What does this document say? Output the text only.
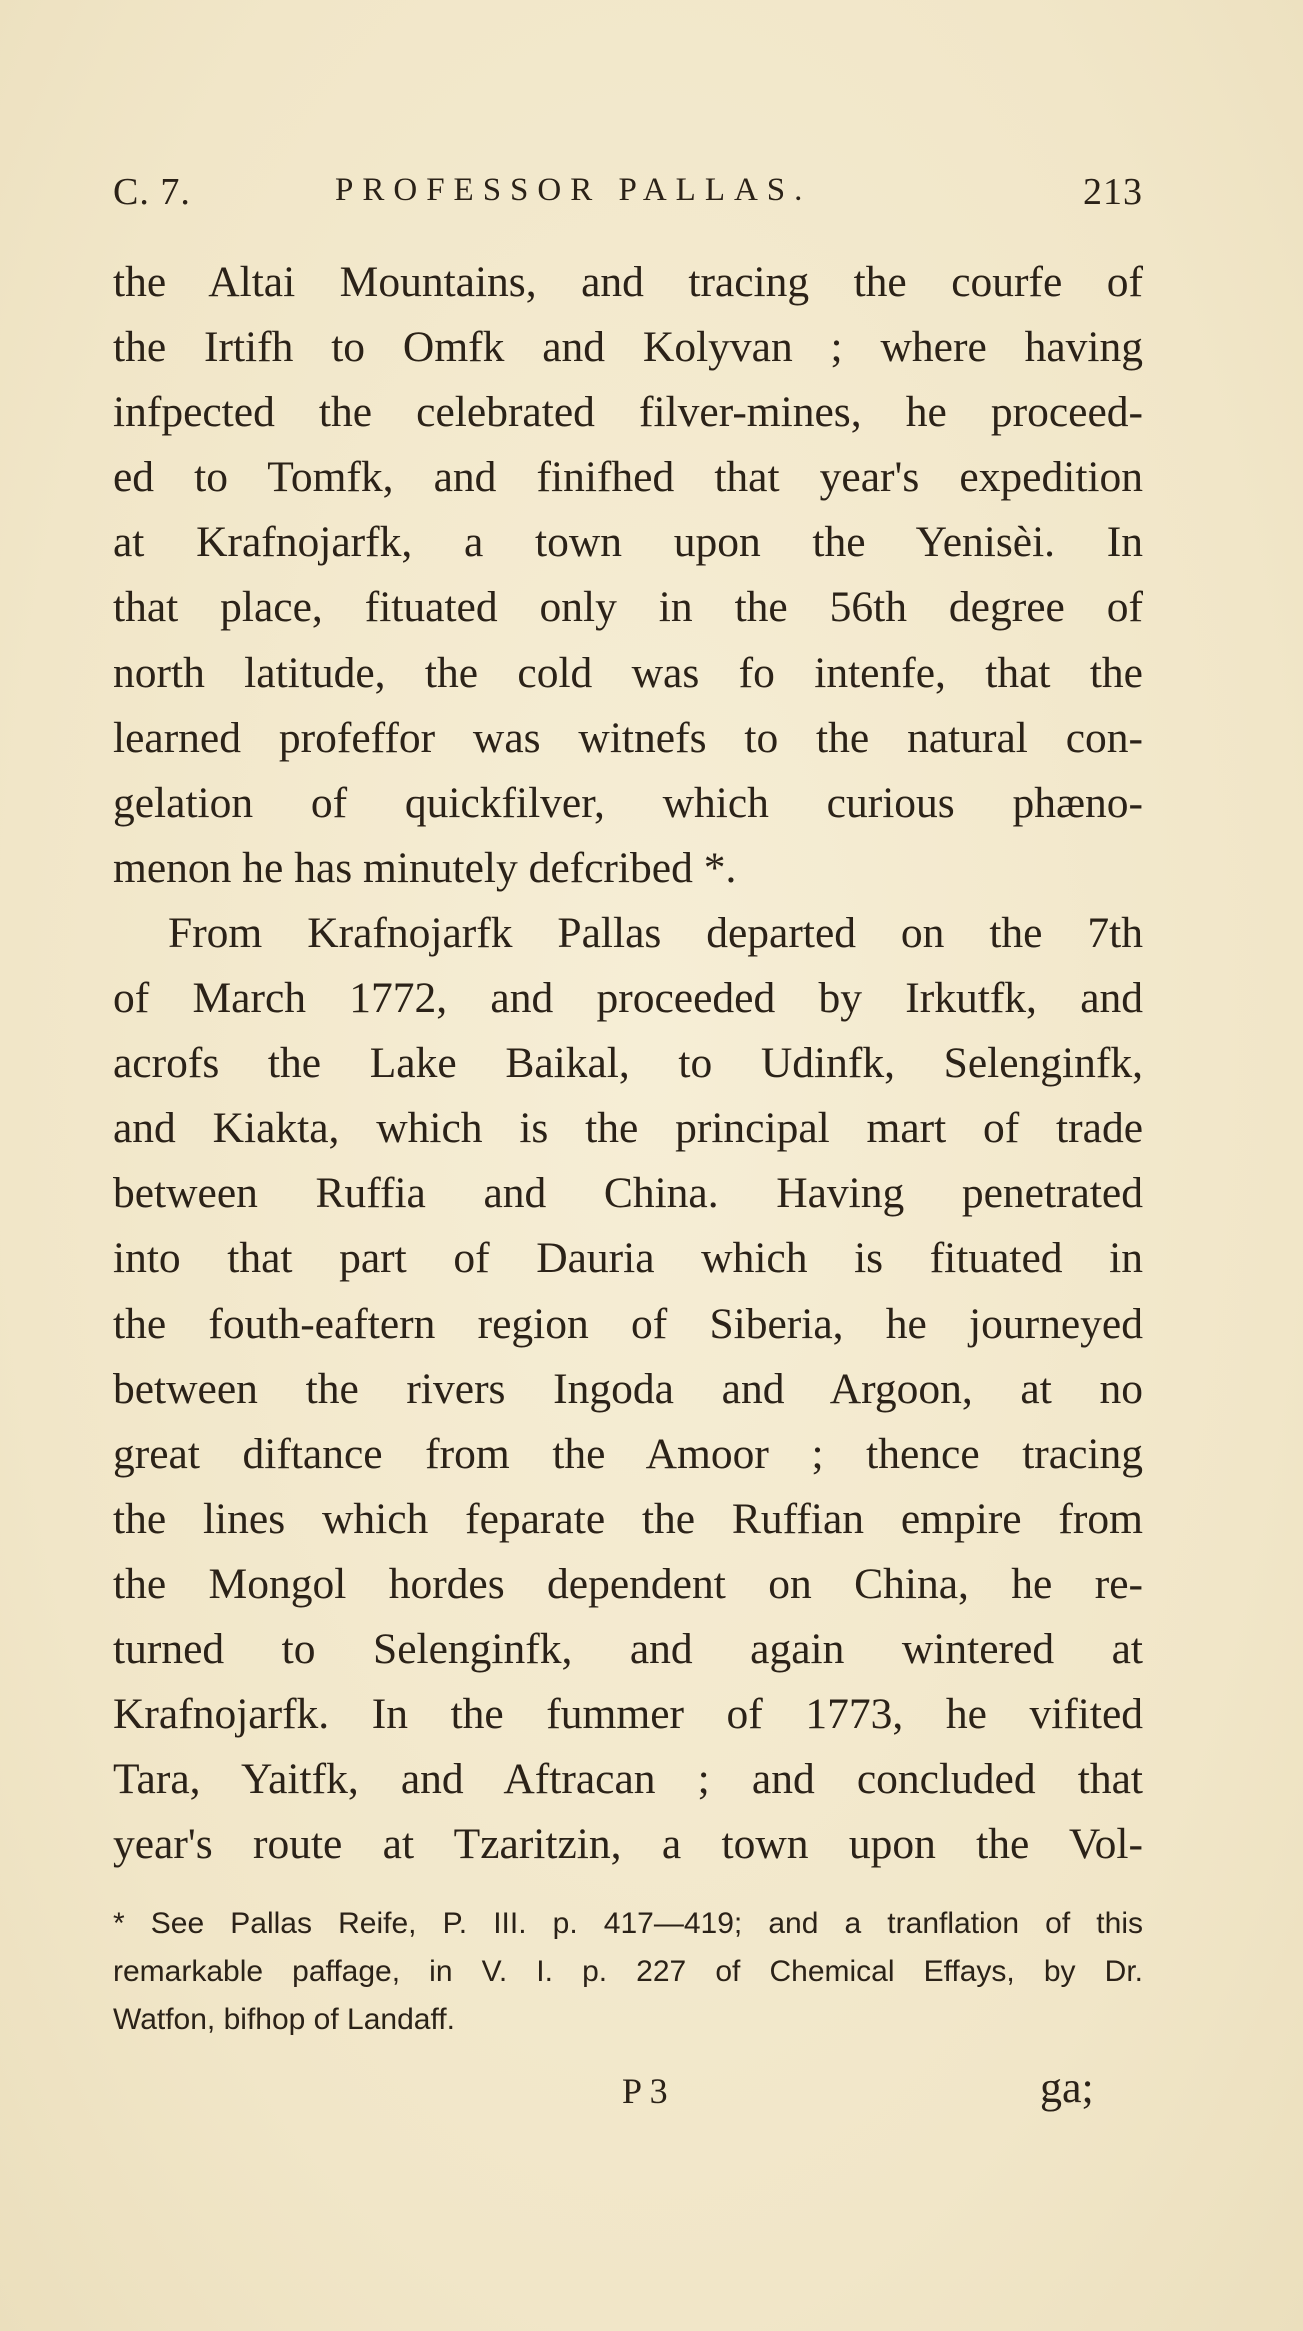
C. 7.	PROFESSOR PALLAS.	213
the Altai Mountains, and tracing the courfe of
the Irtifh to Omfk and Kolyvan ; where having
infpected the celebrated filver-mines, he proceed-
ed to Tomfk, and finifhed that year's expedition
at Krafnojarfk, a town upon the Yenisèi. In
that place, fituated only in the 56th degree of
north latitude, the cold was fo intenfe, that the
learned profeffor was witnefs to the natural con-
gelation of quickfilver, which curious phæno-
menon he has minutely defcribed *.
From Krafnojarfk Pallas departed on the 7th
of March 1772, and proceeded by Irkutfk, and
acrofs the Lake Baikal, to Udinfk, Selenginfk,
and Kiakta, which is the principal mart of trade
between Ruffia and China. Having penetrated
into that part of Dauria which is fituated in
the fouth-eaftern region of Siberia, he journeyed
between the rivers Ingoda and Argoon, at no
great diftance from the Amoor ; thence tracing
the lines which feparate the Ruffian empire from
the Mongol hordes dependent on China, he re-
turned to Selenginfk, and again wintered at
Krafnojarfk. In the fummer of 1773, he vifited
Tara, Yaitfk, and Aftracan ; and concluded that
year's route at Tzaritzin, a town upon the Vol-
* See Pallas Reife, P. III. p. 417—419; and a tranflation of this
remarkable paffage, in V. I. p. 227 of Chemical Effays, by Dr.
Watfon, bifhop of Landaff.
P 3	ga;
